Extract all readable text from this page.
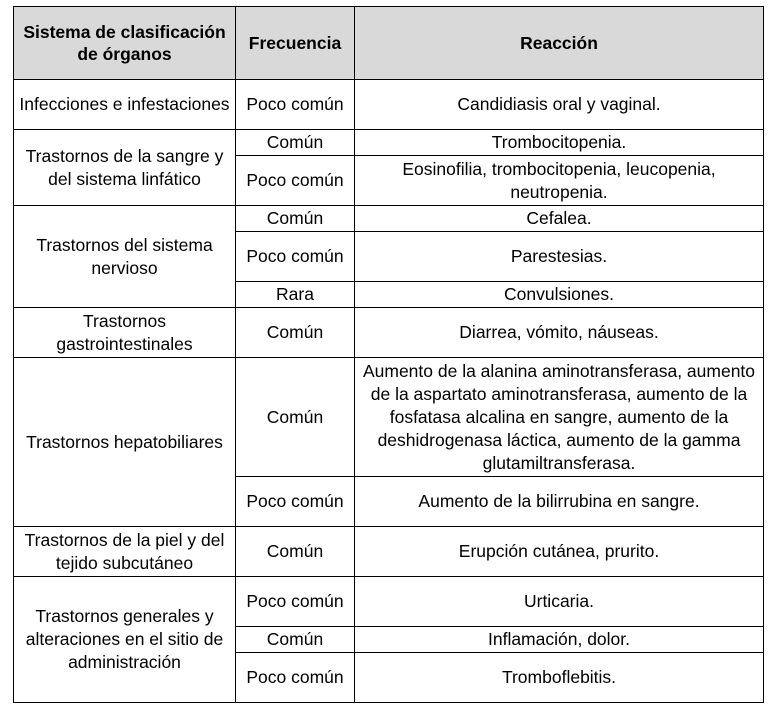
Sistema de clasificación de órganos	Frecuencia	Reacción
Infecciones e infestaciones	Poco común	Candidiasis oral y vaginal.
Trastornos de la sangre y del sistema linfático	Común	Trombocitopenia.
	Poco común	Eosinofilia, trombocitopenia, leucopenia, neutropenia.
Trastornos del sistema nervioso	Común	Cefalea.
	Poco común	Parestesias.
	Rara	Convulsiones.
Trastornos gastrointestinales	Común	Diarrea, vómito, náuseas.
Trastornos hepatobiliares	Común	Aumento de la alanina aminotransferasa, aumento de la aspartato aminotransferasa, aumento de la fosfatasa alcalina en sangre, aumento de la deshidrogenasa láctica, aumento de la gamma glutamiltransferasa.
	Poco común	Aumento de la bilirrubina en sangre.
Trastornos de la piel y del tejido subcutáneo	Común	Erupción cutánea, prurito.
Trastornos generales y alteraciones en el sitio de administración	Poco común	Urticaria.
	Común	Inflamación, dolor.
	Poco común	Tromboflebitis.
